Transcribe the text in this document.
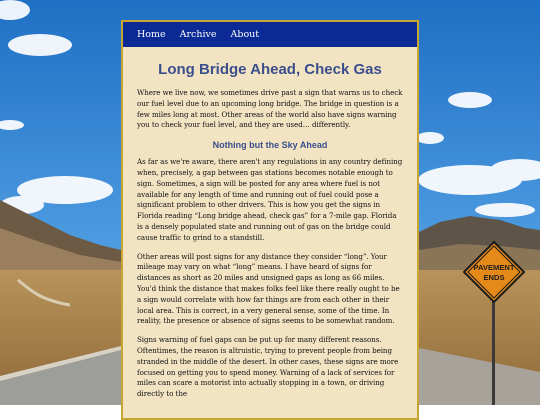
PAVEMENT
ENDS
Home Archive About
Long Bridge Ahead, Check Gas

Where we live now, we sometimes drive past a sign that warns us to check our fuel level due to an upcoming long bridge. The bridge in question is a few miles long at most. Other areas of the world also have signs warning you to check your fuel level, and they are used… differently.

Nothing but the Sky Ahead

As far as we're aware, there aren't any regulations in any country defining when, precisely, a gap between gas stations becomes notable enough to sign. Sometimes, a sign will be posted for any area where fuel is not available for any length of time and running out of fuel could pose a significant problem to other drivers. This is how you get the signs in Florida reading “Long bridge ahead, check gas” for a 7-mile gap. Florida is a densely populated state and running out of gas on the bridge could cause traffic to grind to a standstill.

Other areas will post signs for any distance they consider “long”. Your mileage may vary on what “long” means. I have heard of signs for distances as short as 20 miles and unsigned gaps as long as 66 miles. You'd think the distance that makes folks feel like there really ought to be a sign would correlate with how far things are from each other in their local area. This is correct, in a very general sense, some of the time. In reality, the presence or absence of signs seems to be somewhat random.

Signs warning of fuel gaps can be put up for many different reasons. Oftentimes, the reason is altruistic, trying to prevent people from being stranded in the middle of the desert. In other cases, these signs are more focused on getting you to spend money. Warning of a lack of services for miles can scare a motorist into actually stopping in a town, or driving directly to the
